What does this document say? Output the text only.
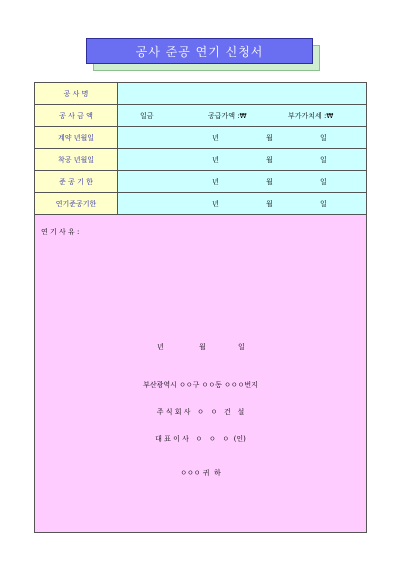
공사 준공 연기 신청서
공 사 명
공 사 금 액	일금	공급가액 :₩	부가가치세 :₩
계약 년월일	년	월	일
착공 년월일	년	월	일
준 공 기 한	년	월	일
연기준공기한	년	월	일
연 기 사 유 :
년	월	일
부산광역시 ㅇㅇ구 ㅇㅇ동 ㅇㅇㅇ번지
주 식 회 사   ㅇ   ㅇ   건   설
대 표 이 사   ㅇ   ㅇ   ㅇ  (인)
ㅇㅇㅇ 귀  하
